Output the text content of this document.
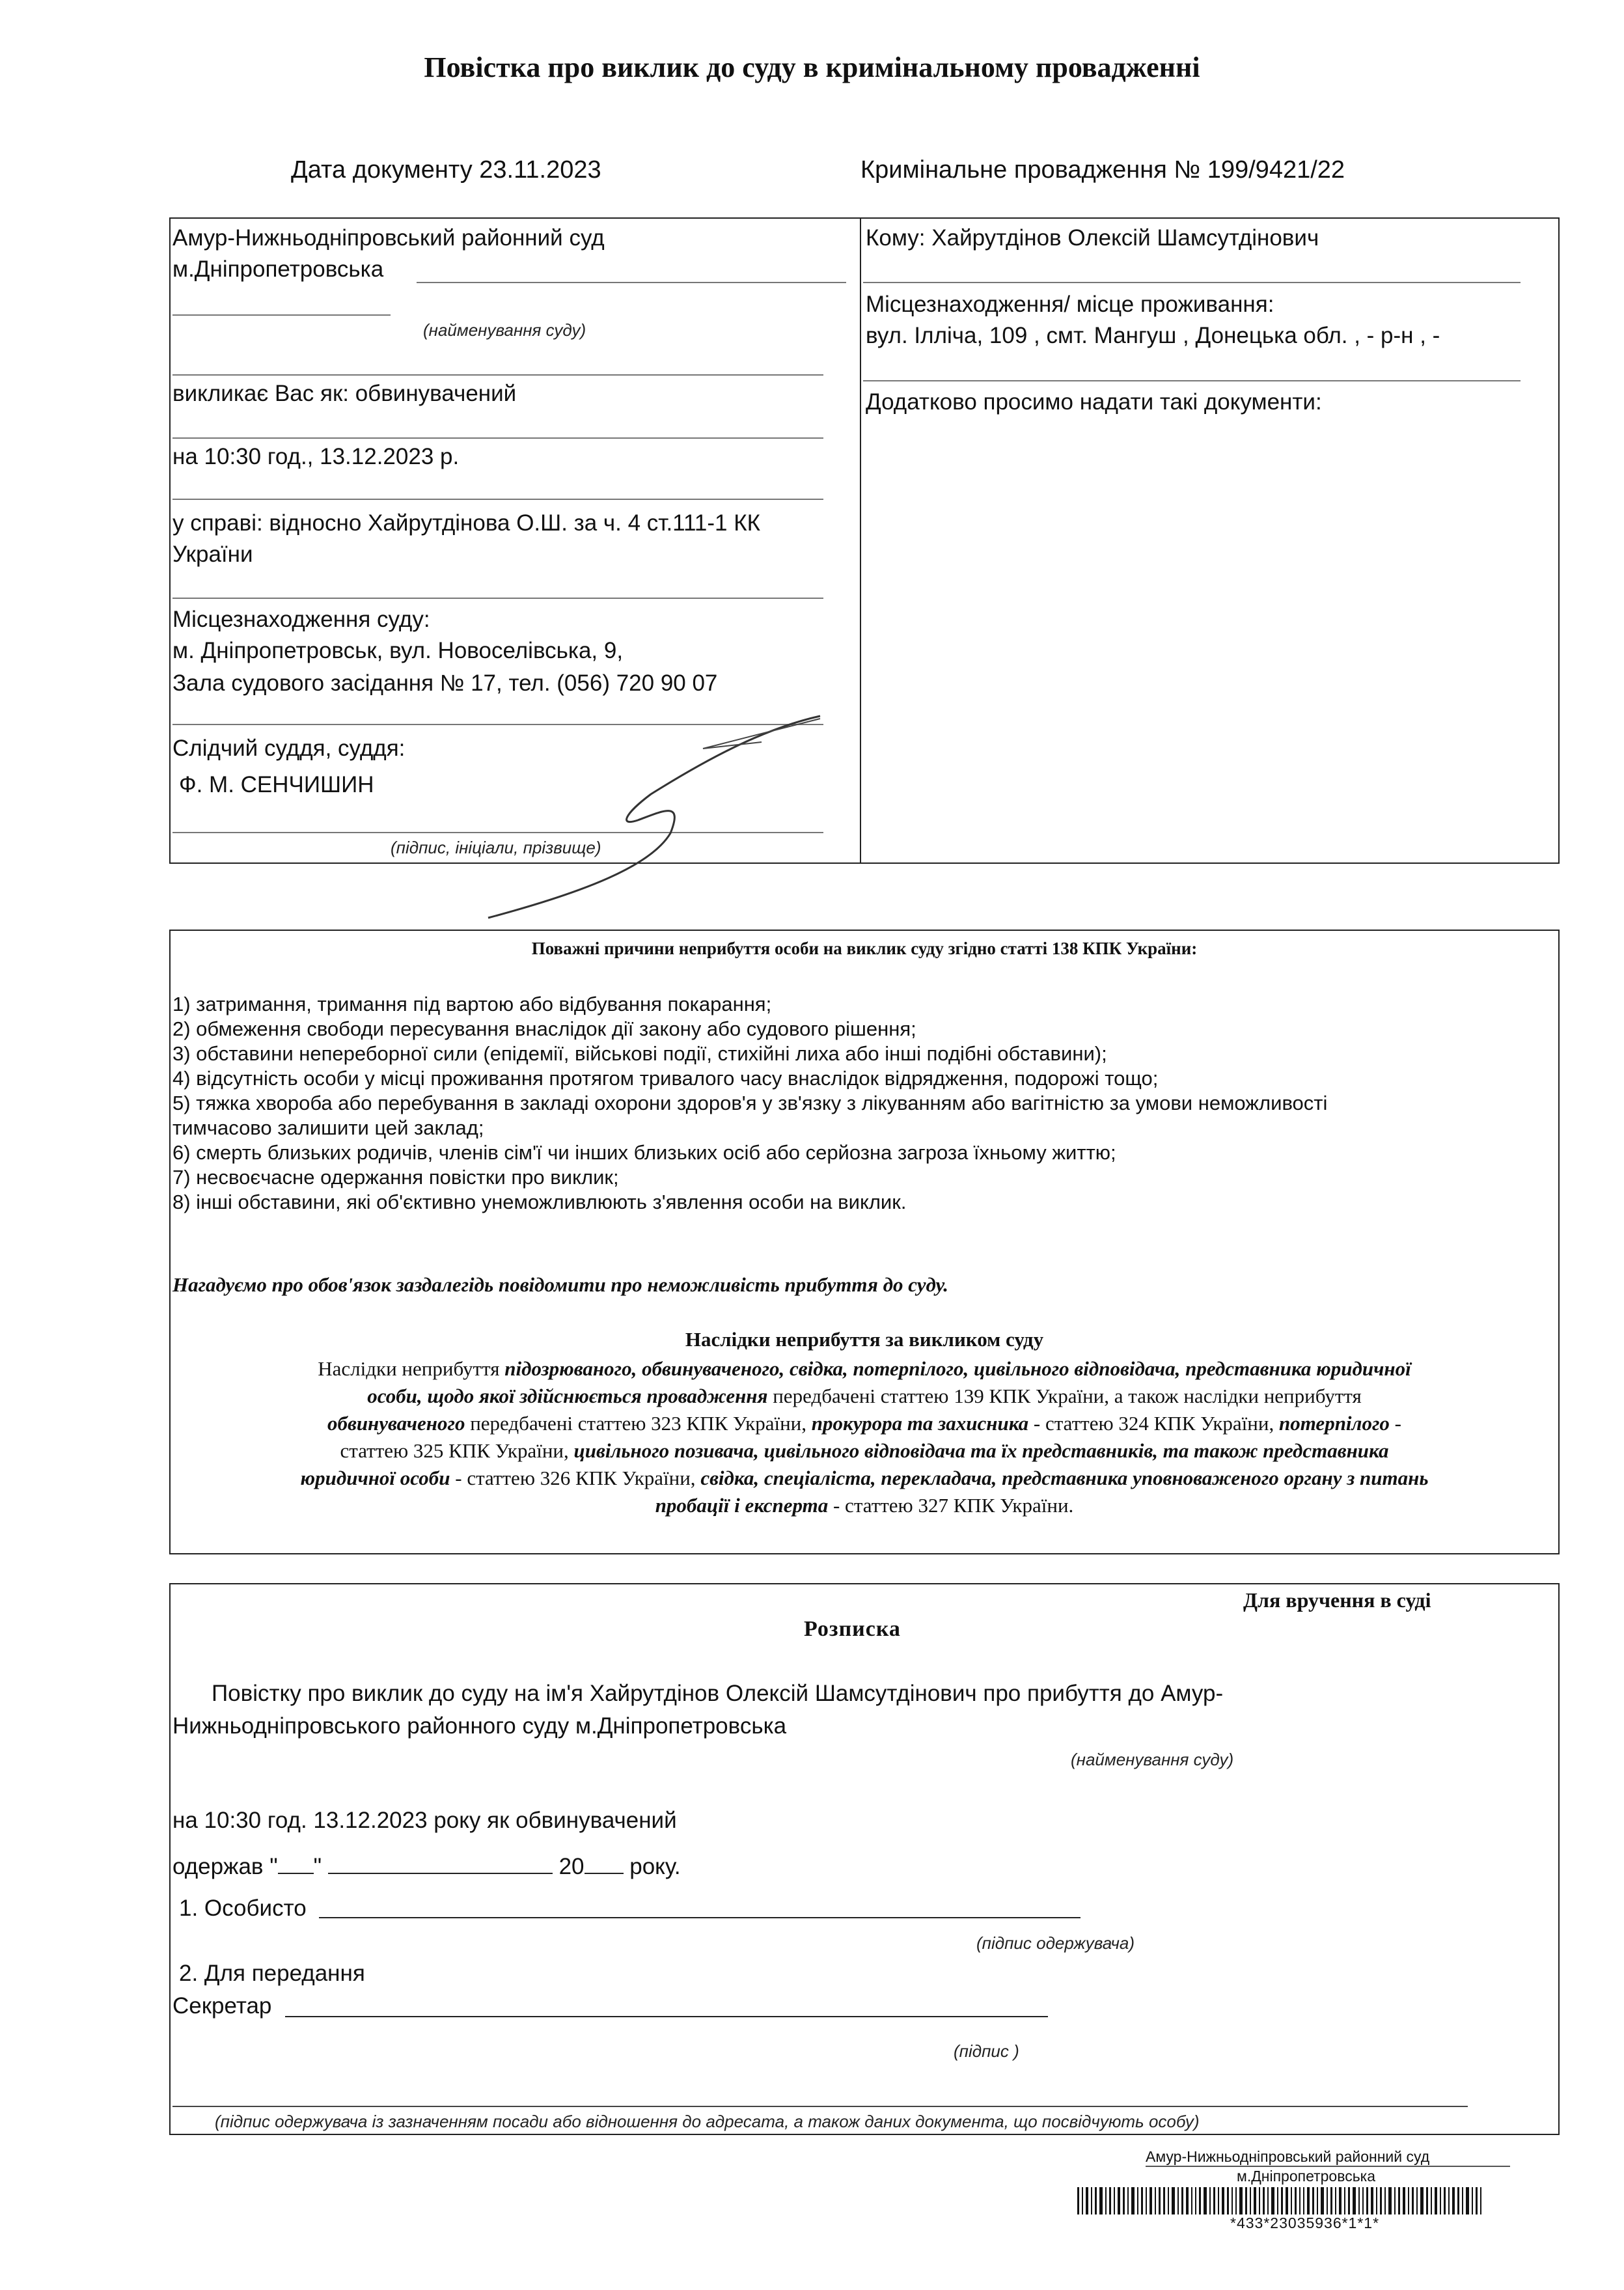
Повістка про виклик до суду в кримінальному провадженні
Дата документу 23.11.2023	Кримінальне провадження № 199/9421/22
Амур-Нижньодніпровський районний суд
м.Дніпропетровська
(найменування суду)
викликає Вас як: обвинувачений
на 10:30 год., 13.12.2023 р.
у справі: відносно Хайрутдінова О.Ш. за ч. 4 ст.111-1 КК
України
Місцезнаходження суду:
м. Дніпропетровськ, вул. Новоселівська, 9,
Зала судового засідання № 17, тел. (056) 720 90 07
Слідчий суддя, суддя:
Ф. М. СЕНЧИШИН
(підпис, ініціали, прізвище)
Кому: Хайрутдінов Олексій Шамсутдінович
Місцезнаходження/ місце проживання:
вул. Ілліча, 109 , смт. Мангуш , Донецька обл. , - р-н , -
Додатково просимо надати такі документи:
Поважні причини неприбуття особи на виклик суду згідно статті 138 КПК України:
1) затримання, тримання під вартою або відбування покарання;
2) обмеження свободи пересування внаслідок дії закону або судового рішення;
3) обставини непереборної сили (епідемії, військові події, стихійні лиха або інші подібні обставини);
4) відсутність особи у місці проживання протягом тривалого часу внаслідок відрядження, подорожі тощо;
5) тяжка хвороба або перебування в закладі охорони здоров'я у зв'язку з лікуванням або вагітністю за умови неможливості
тимчасово залишити цей заклад;
6) смерть близьких родичів, членів сім'ї чи інших близьких осіб або серйозна загроза їхньому життю;
7) несвоєчасне одержання повістки про виклик;
8) інші обставини, які об'єктивно унеможливлюють з'явлення особи на виклик.
Нагадуємо про обов'язок заздалегідь повідомити про неможливість прибуття до суду.
Наслідки неприбуття за викликом суду
Наслідки неприбуття підозрюваного, обвинуваченого, свідка, потерпілого, цивільного відповідача, представника юридичної
особи, щодо якої здійснюється провадження передбачені статтею 139 КПК України, а також наслідки неприбуття
обвинуваченого передбачені статтею 323 КПК України, прокурора та захисника - статтею 324 КПК України, потерпілого -
статтею 325 КПК України, цивільного позивача, цивільного відповідача та їх представників, та також представника
юридичної особи - статтею 326 КПК України, свідка, спеціаліста, перекладача, представника уповноваженого органу з питань
пробації і експерта - статтею 327 КПК України.
Для вручення в суді
Розписка
Повістку про виклик до суду на ім'я Хайрутдінов Олексій Шамсутдінович про прибуття до Амур-
Нижньодніпровського районного суду м.Дніпропетровська
(найменування суду)
на 10:30 год. 13.12.2023 року як обвинувачений
одержав " "	20 року.
1. Особисто
(підпис одержувача)
2. Для передання
Секретар
(підпис )
(підпис одержувача із зазначенням посади або відношення до адресата, а також даних документа, що посвідчують особу)
Амур-Нижньодніпровський районний суд
м.Дніпропетровська
*433*23035936*1*1*
